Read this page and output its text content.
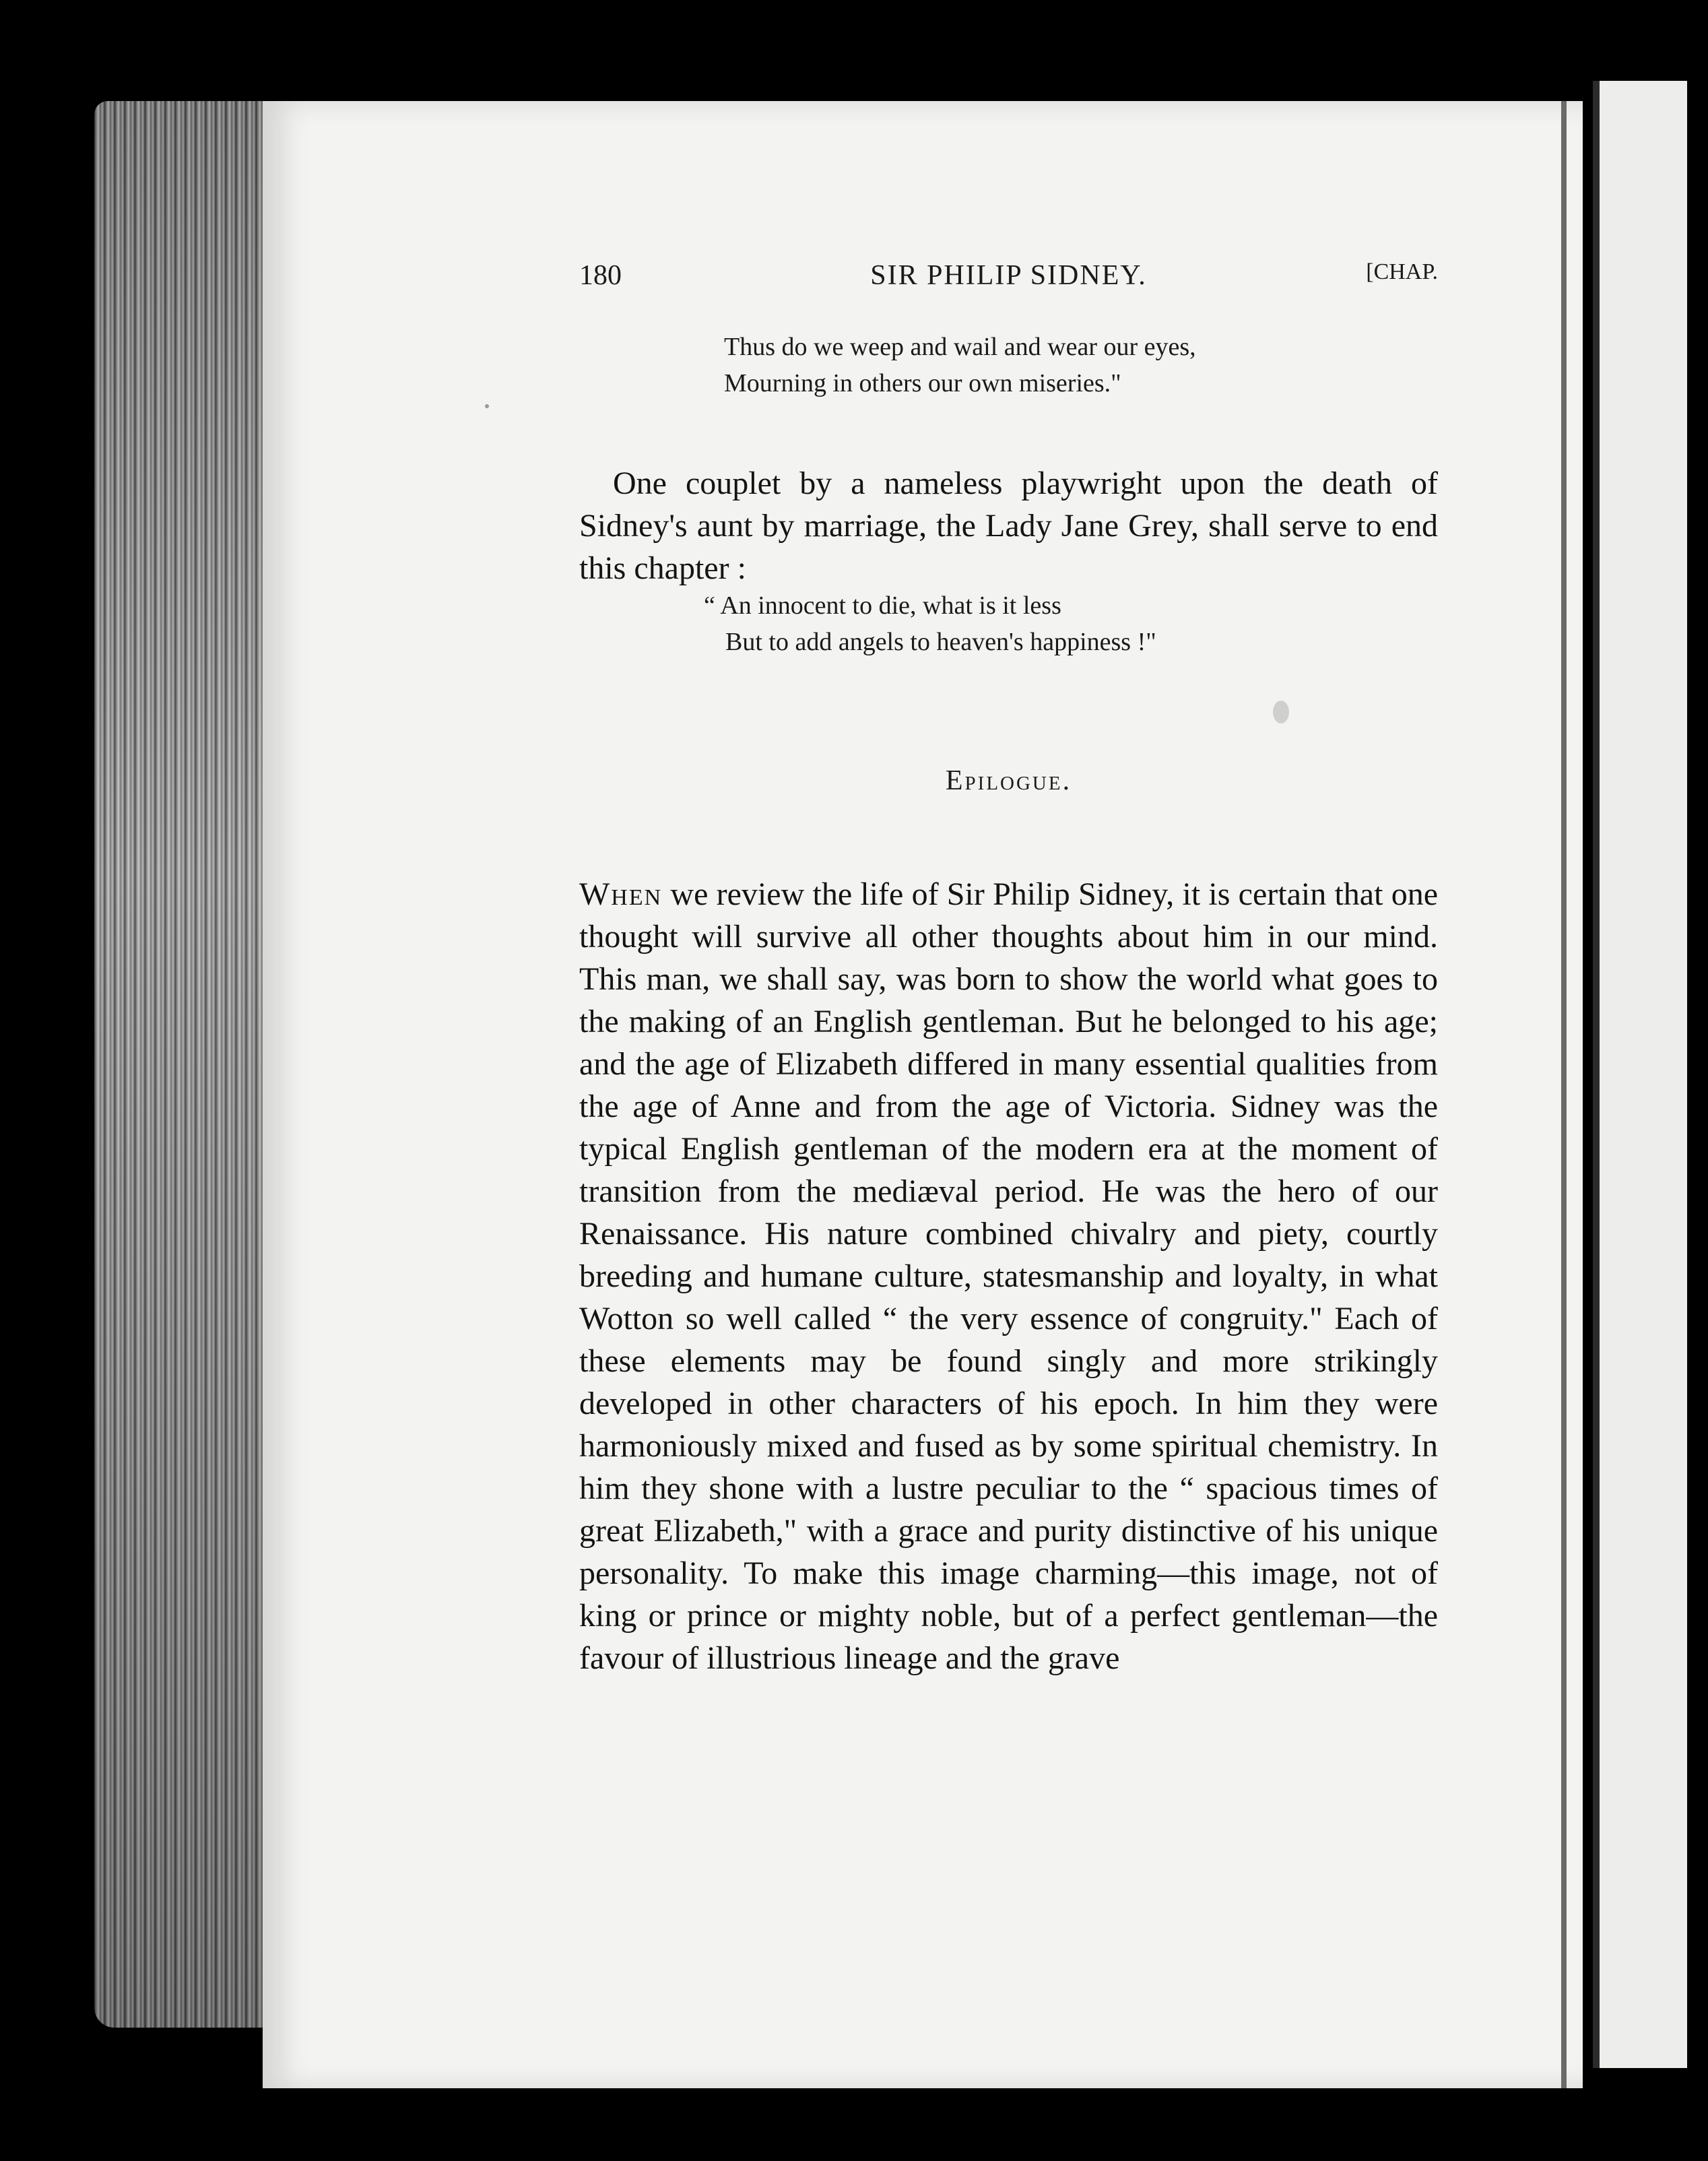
180	SIR PHILIP SIDNEY.	[CHAP.
Thus do we weep and wail and wear our eyes,
Mourning in others our own miseries."

One couplet by a nameless playwright upon the death of Sidney's aunt by marriage, the Lady Jane Grey, shall serve to end this chapter :

“ An innocent to die, what is it less
But to add angels to heaven's happiness !"
Epilogue.

When we review the life of Sir Philip Sidney, it is certain that one thought will survive all other thoughts about him in our mind. This man, we shall say, was born to show the world what goes to the making of an English gentleman. But he belonged to his age; and the age of Elizabeth differed in many essential qualities from the age of Anne and from the age of Victoria. Sidney was the typical English gentleman of the modern era at the moment of transition from the mediæval period. He was the hero of our Renaissance. His nature combined chivalry and piety, courtly breeding and humane culture, statesmanship and loyalty, in what Wotton so well called “ the very essence of congruity." Each of these elements may be found singly and more strikingly developed in other characters of his epoch. In him they were harmoniously mixed and fused as by some spiritual chemistry. In him they shone with a lustre peculiar to the “ spacious times of great Elizabeth," with a grace and purity distinctive of his unique personality. To make this image charming—this image, not of king or prince or mighty noble, but of a perfect gentleman—the favour of illustrious lineage and the grave
